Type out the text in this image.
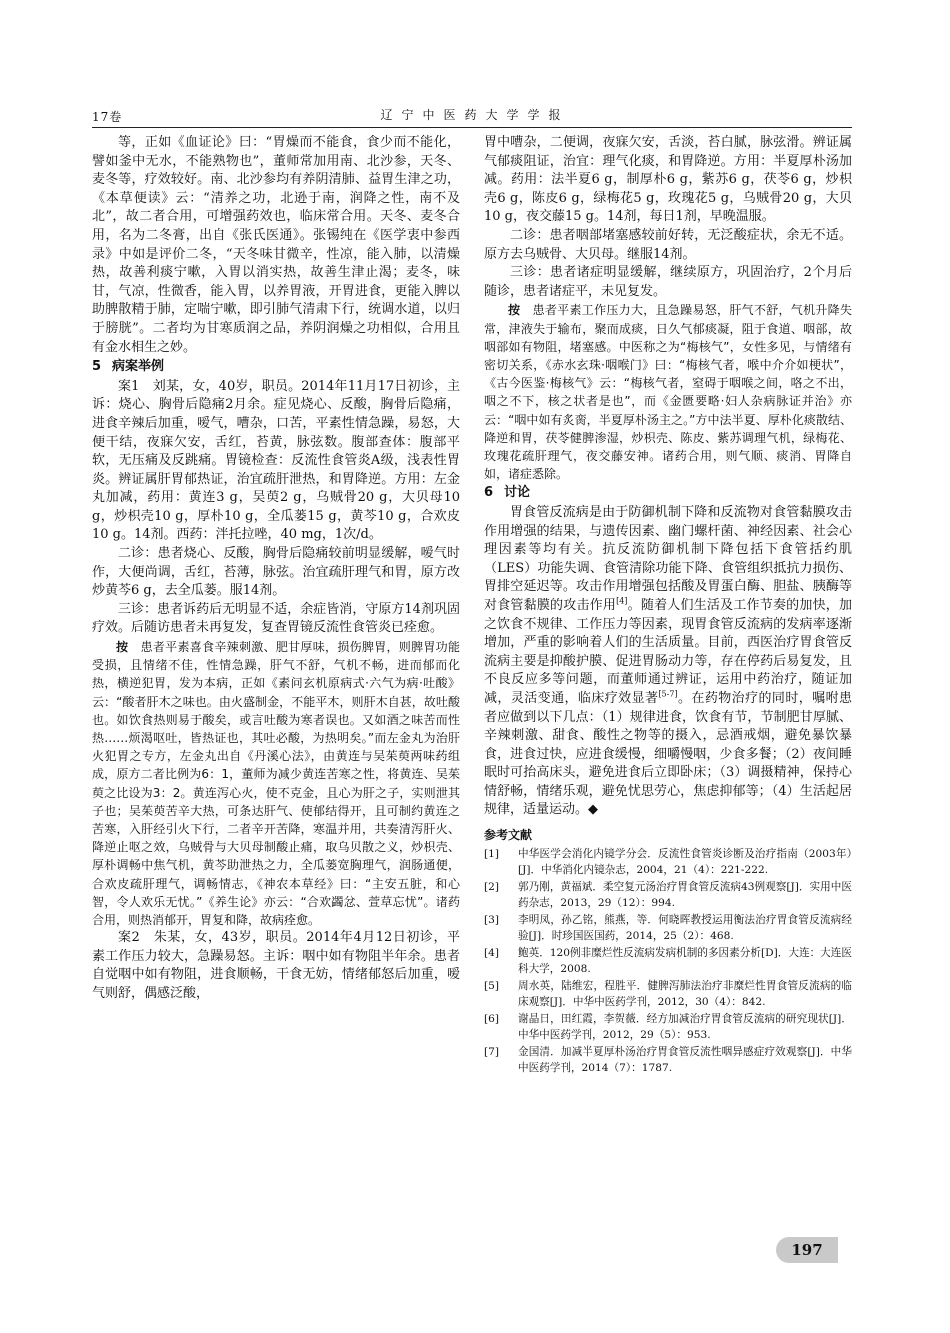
17卷	辽宁中医药大学学报

等，正如《血证论》曰：“胃燥而不能食，食少而不能化，譬如釜中无水，不能熟物也”，董师常加用南、北沙参，天冬、麦冬等，疗效较好。南、北沙参均有养阴清肺、益胃生津之功，《本草便读》云：“清养之功，北逊于南，润降之性，南不及北”，故二者合用，可增强药效也，临床常合用。天冬、麦冬合用，名为二冬膏，出自《张氏医通》。张锡纯在《医学衷中参西录》中如是评价二冬，“天冬味甘微辛，性凉，能入肺，以清燥热，故善利痰宁嗽，入胃以消实热，故善生津止渴；麦冬，味甘，气凉，性微香，能入胃，以养胃液，开胃进食，更能入脾以助脾散精于肺，定喘宁嗽，即引肺气清肃下行，统调水道，以归于膀胱”。二者均为甘寒质润之品，养阴润燥之功相似，合用且有金水相生之妙。

5 病案举例

案1　刘某，女，40岁，职员。2014年11月17日初诊，主诉：烧心、胸骨后隐痛2月余。症见烧心、反酸，胸骨后隐痛，进食辛辣后加重，嗳气，嘈杂，口苦，平素性情急躁，易怒，大便干结，夜寐欠安，舌红，苔黄，脉弦数。腹部查体：腹部平软，无压痛及反跳痛。胃镜检查：反流性食管炎A级，浅表性胃炎。辨证属肝胃郁热证，治宜疏肝泄热，和胃降逆。方用：左金丸加减，药用：黄连3 g，吴萸2 g，乌贼骨20 g，大贝母10 g，炒枳壳10 g，厚朴10 g，全瓜蒌15 g，黄芩10 g，合欢皮10 g。14剂。西药：泮托拉唑，40 mg，1次/d。

二诊：患者烧心、反酸，胸骨后隐痛较前明显缓解，嗳气时作，大便尚调，舌红，苔薄，脉弦。治宜疏肝理气和胃，原方改炒黄芩6 g，去全瓜蒌。服14剂。

三诊：患者诉药后无明显不适，余症皆消，守原方14剂巩固疗效。后随访患者未再复发，复查胃镜反流性食管炎已痊愈。

按　患者平素喜食辛辣刺激、肥甘厚味，损伤脾胃，则脾胃功能受损，且情绪不佳，性情急躁，肝气不舒，气机不畅，进而郁而化热，横逆犯胃，发为本病，正如《素问玄机原病式·六气为病·吐酸》云：“酸者肝木之味也。由火盛制金，不能平木，则肝木自甚，故吐酸也。如饮食热则易于酸矣，或言吐酸为寒者误也。又如酒之味苦而性热……烦渴呕吐，皆热证也，其吐必酸，为热明矣。”而左金丸为治肝火犯胃之专方，左金丸出自《丹溪心法》，由黄连与吴茱萸两味药组成，原方二者比例为6：1，董师为减少黄连苦寒之性，将黄连、吴茱萸之比设为3：2。黄连泻心火，使不克金，且心为肝之子，实则泄其子也；吴茱萸苦辛大热，可条达肝气、使郁结得开，且可制约黄连之苦寒，入肝经引火下行，二者辛开苦降，寒温并用，共奏清泻肝火、降逆止呕之效，乌贼骨与大贝母制酸止痛，取乌贝散之义，炒枳壳、厚朴调畅中焦气机，黄芩助泄热之力，全瓜蒌宽胸理气，润肠通便，合欢皮疏肝理气，调畅情志，《神农本草经》曰：“主安五脏，和心智，令人欢乐无忧。”《养生论》亦云：“合欢蠲忿、萱草忘忧”。诸药合用，则热消郁开，胃复和降，故病痊愈。

案2　朱某，女，43岁，职员。2014年4月12日初诊，平素工作压力较大，急躁易怒。主诉：咽中如有物阻半年余。患者自觉咽中如有物阻，进食顺畅，干食无妨，情绪郁怒后加重，嗳气则舒，偶感泛酸，

胃中嘈杂，二便调，夜寐欠安，舌淡，苔白腻，脉弦滑。辨证属气郁痰阻证，治宜：理气化痰，和胃降逆。方用：半夏厚朴汤加减。药用：法半夏6 g，制厚朴6 g，紫苏6 g，茯苓6 g，炒枳壳6 g，陈皮6 g，绿梅花5 g，玫瑰花5 g，乌贼骨20 g，大贝10 g，夜交藤15 g。14剂，每日1剂，早晚温服。

二诊：患者咽部堵塞感较前好转，无泛酸症状，余无不适。原方去乌贼骨、大贝母。继服14剂。

三诊：患者诸症明显缓解，继续原方，巩固治疗，2个月后随诊，患者诸症平，未见复发。

按　患者平素工作压力大，且急躁易怒，肝气不舒，气机升降失常，津液失于输布，聚而成痰，日久气郁痰凝，阻于食道、咽部，故咽部如有物阻，堵塞感。中医称之为“梅核气”，女性多见，与情绪有密切关系，《赤水玄珠·咽喉门》曰：“梅核气者，喉中介介如梗状”，《古今医鉴·梅核气》云：“梅核气者，窒碍于咽喉之间，咯之不出，咽之不下，核之状者是也”，而《金匮要略·妇人杂病脉证并治》亦云：“咽中如有炙脔，半夏厚朴汤主之。”方中法半夏、厚朴化痰散结、降逆和胃，茯苓健脾渗湿，炒枳壳、陈皮、紫苏调理气机，绿梅花、玫瑰花疏肝理气，夜交藤安神。诸药合用，则气顺、痰消、胃降自如，诸症悉除。

6 讨论

胃食管反流病是由于防御机制下降和反流物对食管黏膜攻击作用增强的结果，与遗传因素、幽门螺杆菌、神经因素、社会心理因素等均有关。抗反流防御机制下降包括下食管括约肌（LES）功能失调、食管清除功能下降、食管组织抵抗力损伤、胃排空延迟等。攻击作用增强包括酸及胃蛋白酶、胆盐、胰酶等对食管黏膜的攻击作用[4]。随着人们生活及工作节奏的加快，加之饮食不规律、工作压力等因素，现胃食管反流病的发病率逐渐增加，严重的影响着人们的生活质量。目前，西医治疗胃食管反流病主要是抑酸护膜、促进胃肠动力等，存在停药后易复发，且不良反应多等问题，而董师通过辨证，运用中药治疗，随证加减，灵活变通，临床疗效显著[5-7]。在药物治疗的同时，嘱咐患者应做到以下几点：（1）规律进食，饮食有节，节制肥甘厚腻、辛辣刺激、甜食、酸性之物等的摄入，忌酒戒烟，避免暴饮暴食，进食过快，应进食缓慢，细嚼慢咽，少食多餐；（2）夜间睡眠时可抬高床头，避免进食后立即卧床；（3）调摄精神，保持心情舒畅，情绪乐观，避免忧思劳心，焦虑抑郁等；（4）生活起居规律，适量运动。◆

参考文献
[1]	中华医学会消化内镜学分会．反流性食管炎诊断及治疗指南（2003年）[J]．中华消化内镜杂志，2004，21（4）：221-222.
[2]	郭乃刚，黄福斌．柔空复元汤治疗胃食管反流病43例观察[J]．实用中医药杂志，2013，29（12）：994.
[3]	李明凤，孙乙铭，熊燕，等．何晓晖教授运用衡法治疗胃食管反流病经验[J]．时珍国医国药，2014，25（2）：468.
[4]	鲍英．120例非糜烂性反流病发病机制的多因素分析[D]．大连：大连医科大学，2008.
[5]	周水英，陆维宏，程胜平．健脾泻肺法治疗非糜烂性胃食管反流病的临床观察[J]．中华中医药学刊，2012，30（4）：842.
[6]	谢晶日，田红霞，李贺薇．经方加减治疗胃食管反流病的研究现状[J]．中华中医药学刊，2012，29（5）：953.
[7]	金国清．加减半夏厚朴汤治疗胃食管反流性咽异感症疗效观察[J]．中华中医药学刊，2014（7）：1787.
197
